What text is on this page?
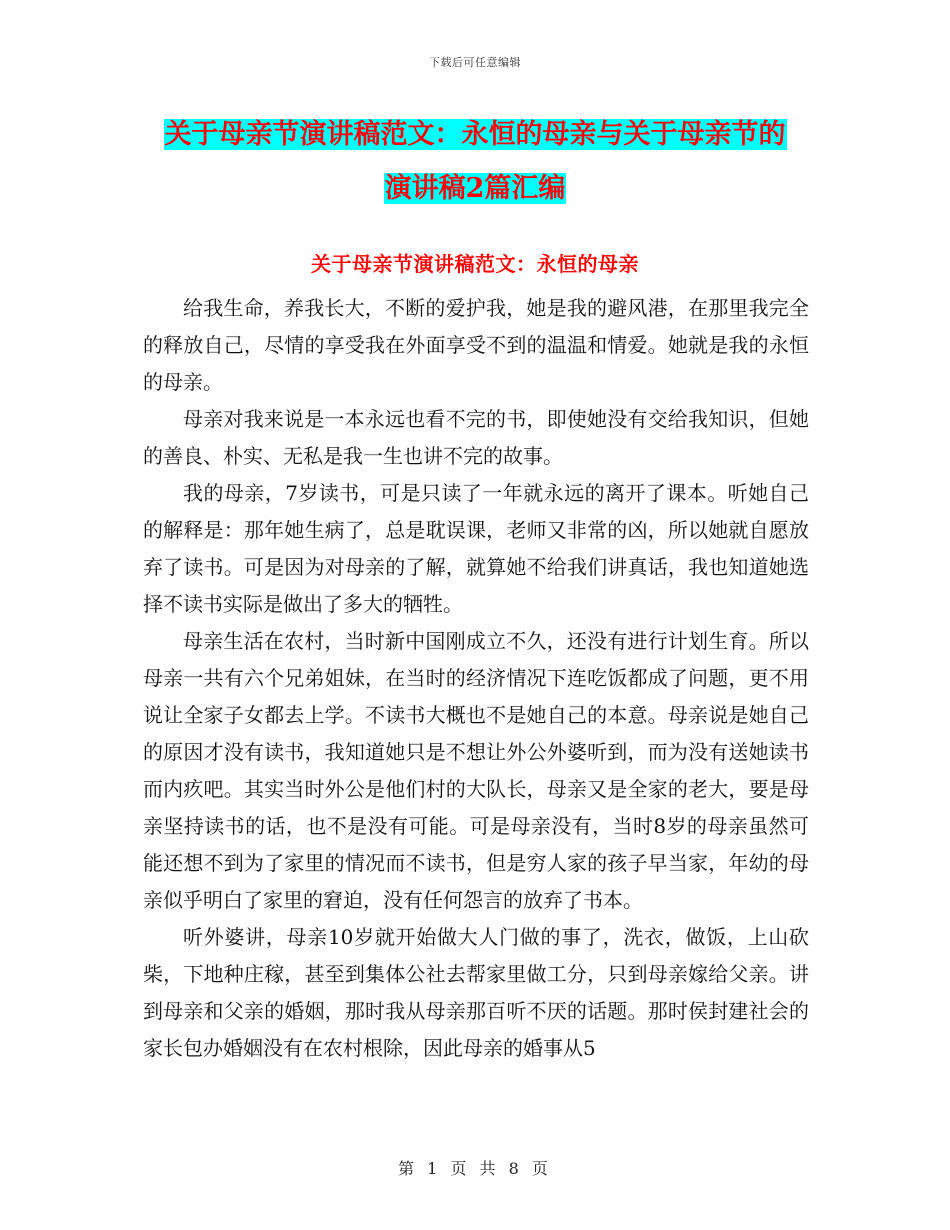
下载后可任意编辑
关于母亲节演讲稿范文：永恒的母亲与关于母亲节的
演讲稿2篇汇编
关于母亲节演讲稿范文：永恒的母亲

给我生命，养我长大，不断的爱护我，她是我的避风港，在那里我完全的释放自己，尽情的享受我在外面享受不到的温温和情爱。她就是我的永恒的母亲。

母亲对我来说是一本永远也看不完的书，即使她没有交给我知识，但她的善良、朴实、无私是我一生也讲不完的故事。

我的母亲，7岁读书，可是只读了一年就永远的离开了课本。听她自己的解释是：那年她生病了，总是耽误课，老师又非常的凶，所以她就自愿放弃了读书。可是因为对母亲的了解，就算她不给我们讲真话，我也知道她选择不读书实际是做出了多大的牺牲。

母亲生活在农村，当时新中国刚成立不久，还没有进行计划生育。所以母亲一共有六个兄弟姐妹，在当时的经济情况下连吃饭都成了问题，更不用说让全家子女都去上学。不读书大概也不是她自己的本意。母亲说是她自己的原因才没有读书，我知道她只是不想让外公外婆听到，而为没有送她读书而内疚吧。其实当时外公是他们村的大队长，母亲又是全家的老大，要是母亲坚持读书的话，也不是没有可能。可是母亲没有，当时8岁的母亲虽然可能还想不到为了家里的情况而不读书，但是穷人家的孩子早当家，年幼的母亲似乎明白了家里的窘迫，没有任何怨言的放弃了书本。

听外婆讲，母亲10岁就开始做大人门做的事了，洗衣，做饭，上山砍柴，下地种庄稼，甚至到集体公社去帮家里做工分，只到母亲嫁给父亲。讲到母亲和父亲的婚姻，那时我从母亲那百听不厌的话题。那时侯封建社会的家长包办婚姻没有在农村根除，因此母亲的婚事从5

第 1 页 共 8 页
